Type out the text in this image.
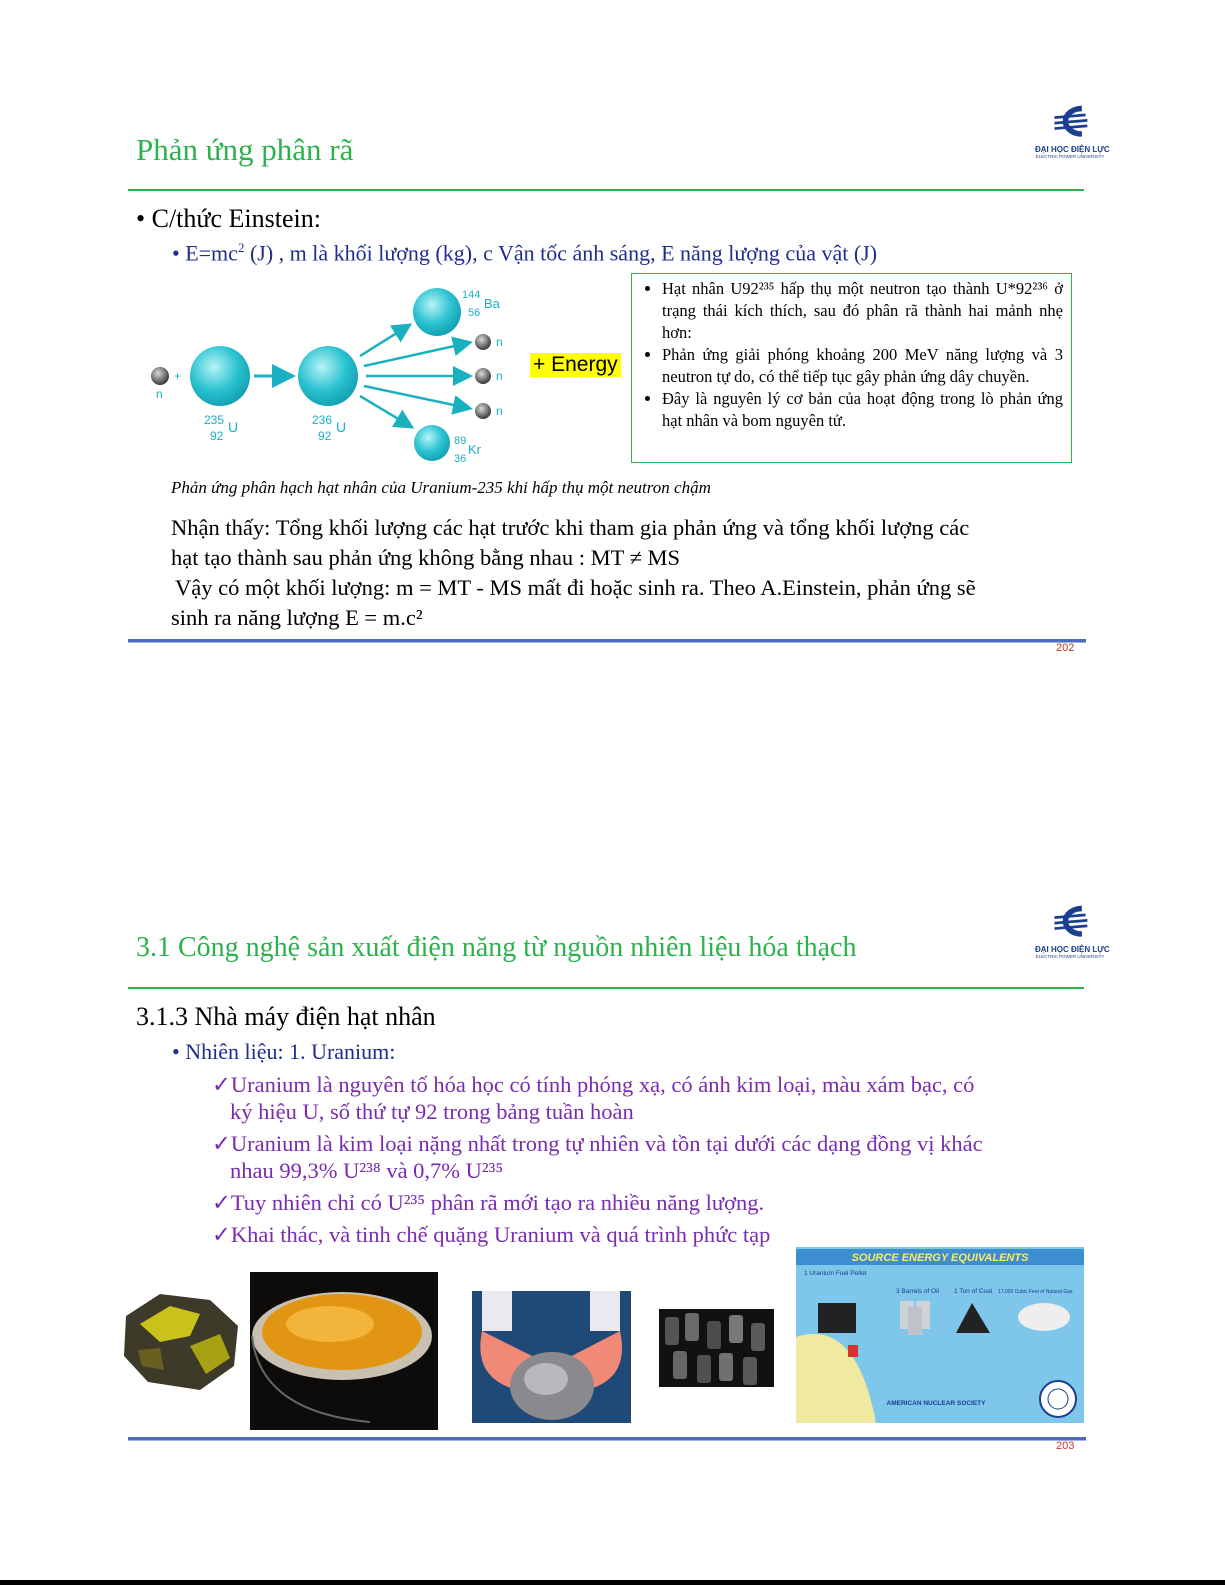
Phản ứng phân rã	ĐẠI HỌC ĐIỆN LỰC
ELECTRIC POWER UNIVERSITY
• C/thức Einstein:
• $E=mc^2$ (J) , m là khối lượng (kg), c Vận tốc ánh sáng, E năng lượng của vật (J)
n
+
235
92
U	236
92
U
144
56
Ba
n
n
n
89
36
Kr
+ Energy
• Hạt nhân U92²³⁵ hấp thụ một neutron tạo thành U*92²³⁶ ở trạng thái kích thích, sau đó phân rã thành hai mảnh nhẹ hơn:
• Phản ứng giải phóng khoảng 200 MeV năng lượng và 3 neutron tự do, có thể tiếp tục gây phản ứng dây chuyền.
• Đây là nguyên lý cơ bản của hoạt động trong lò phản ứng hạt nhân và bom nguyên tử.
Phản ứng phân hạch hạt nhân của Uranium-235 khi hấp thụ một neutron chậm
Nhận thấy: Tổng khối lượng các hạt trước khi tham gia phản ứng và tổng khối lượng các
hạt tạo thành sau phản ứng không bằng nhau : MT ≠ MS
Vậy có một khối lượng: m = MT - MS mất đi hoặc sinh ra. Theo A.Einstein, phản ứng sẽ
sinh ra năng lượng E = m.c²
202
ĐẠI HỌC ĐIỆN LỰC
ELECTRIC POWER UNIVERSITY
3.1 Công nghệ sản xuất điện năng từ nguồn nhiên liệu hóa thạch
3.1.3 Nhà máy điện hạt nhân
• Nhiên liệu: 1. Uranium:
✓Uranium là nguyên tố hóa học có tính phóng xạ, có ánh kim loại, màu xám bạc, có
ký hiệu U, số thứ tự 92 trong bảng tuần hoàn
✓Uranium là kim loại nặng nhất trong tự nhiên và tồn tại dưới các dạng đồng vị khác
nhau 99,3% U²³⁸ và 0,7% U²³⁵
✓Tuy nhiên chỉ có U²³⁵ phân rã mới tạo ra nhiều năng lượng.
✓Khai thác, và tinh chế quặng Uranium và quá trình phức tạp
SOURCE ENERGY EQUIVALENTS
1 Uranium Fuel Pellet
3 Barrels of Oil 1 Ton of Coal 17,000 Cubic Feet of Natural Gas
AMERICAN NUCLEAR SOCIETY
203
